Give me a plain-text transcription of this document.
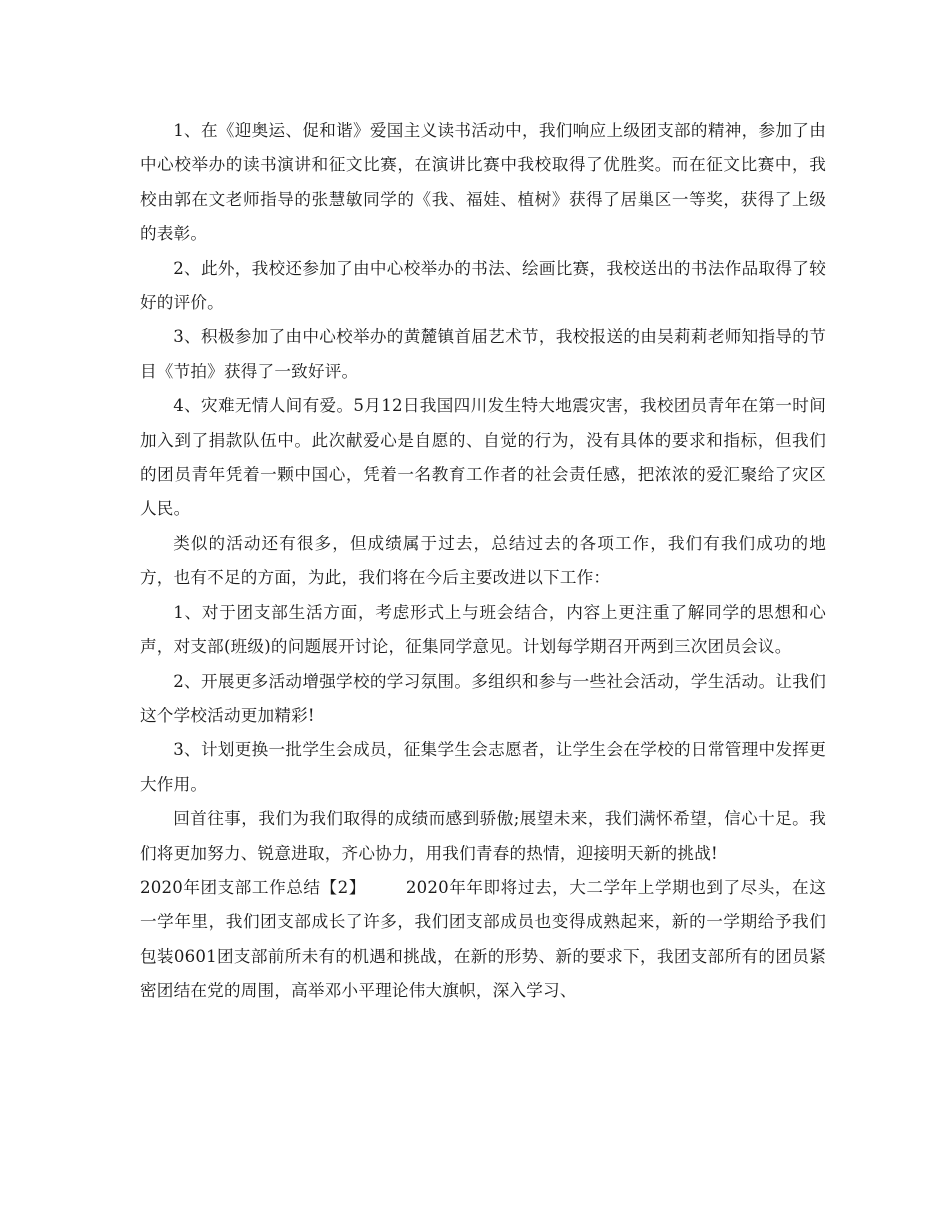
1、在《迎奥运、促和谐》爱国主义读书活动中，我们响应上级团支部的精神，参加了由中心校举办的读书演讲和征文比赛，在演讲比赛中我校取得了优胜奖。而在征文比赛中，我校由郭在文老师指导的张慧敏同学的《我、福娃、植树》获得了居巢区一等奖，获得了上级的表彰。

2、此外，我校还参加了由中心校举办的书法、绘画比赛，我校送出的书法作品取得了较好的评价。

3、积极参加了由中心校举办的黄麓镇首届艺术节，我校报送的由吴莉莉老师知指导的节目《节拍》获得了一致好评。

4、灾难无情人间有爱。5月12日我国四川发生特大地震灾害，我校团员青年在第一时间加入到了捐款队伍中。此次献爱心是自愿的、自觉的行为，没有具体的要求和指标，但我们的团员青年凭着一颗中国心，凭着一名教育工作者的社会责任感，把浓浓的爱汇聚给了灾区人民。

类似的活动还有很多，但成绩属于过去，总结过去的各项工作，我们有我们成功的地方，也有不足的方面，为此，我们将在今后主要改进以下工作：

1、对于团支部生活方面，考虑形式上与班会结合，内容上更注重了解同学的思想和心声，对支部(班级)的问题展开讨论，征集同学意见。计划每学期召开两到三次团员会议。

2、开展更多活动增强学校的学习氛围。多组织和参与一些社会活动，学生活动。让我们这个学校活动更加精彩!

3、计划更换一批学生会成员，征集学生会志愿者，让学生会在学校的日常管理中发挥更大作用。

回首往事，我们为我们取得的成绩而感到骄傲;展望未来，我们满怀希望，信心十足。我们将更加努力、锐意进取，齐心协力，用我们青春的热情，迎接明天新的挑战!

2020年团支部工作总结【2】 2020年年即将过去，大二学年上学期也到了尽头，在这一学年里，我们团支部成长了许多，我们团支部成员也变得成熟起来，新的一学期给予我们包装0601团支部前所未有的机遇和挑战，在新的形势、新的要求下，我团支部所有的团员紧密团结在党的周围，高举邓小平理论伟大旗帜，深入学习、
